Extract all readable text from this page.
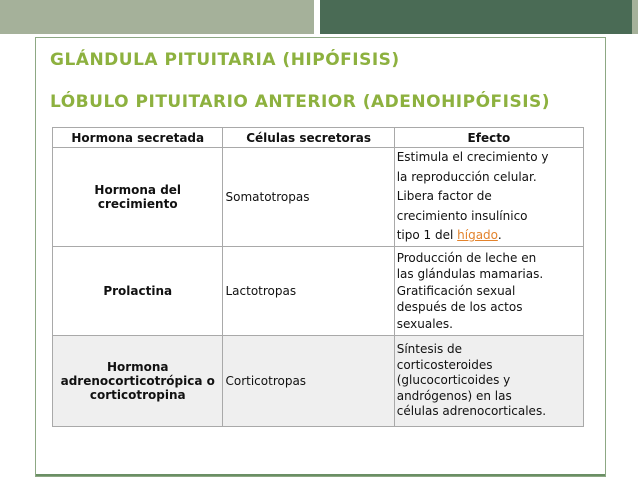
GLÁNDULA PITUITARIA (HIPÓFISIS)
LÓBULO PITUITARIO ANTERIOR (ADENOHIPÓFISIS)
Hormona secretada	Células secretoras	Efecto

Hormona del
crecimiento	Somatotropas	Estimula el crecimiento y
la reproducción celular.
Libera factor de
crecimiento insulínico
tipo 1 del hígado.

Prolactina	Lactotropas	Producción de leche en
las glándulas mamarias.
Gratificación sexual
después de los actos
sexuales.

Hormona
adrenocorticotrópica o
corticotropina	Corticotropas	Síntesis de
corticosteroides
(glucocorticoides y
andrógenos) en las
células adrenocorticales.
